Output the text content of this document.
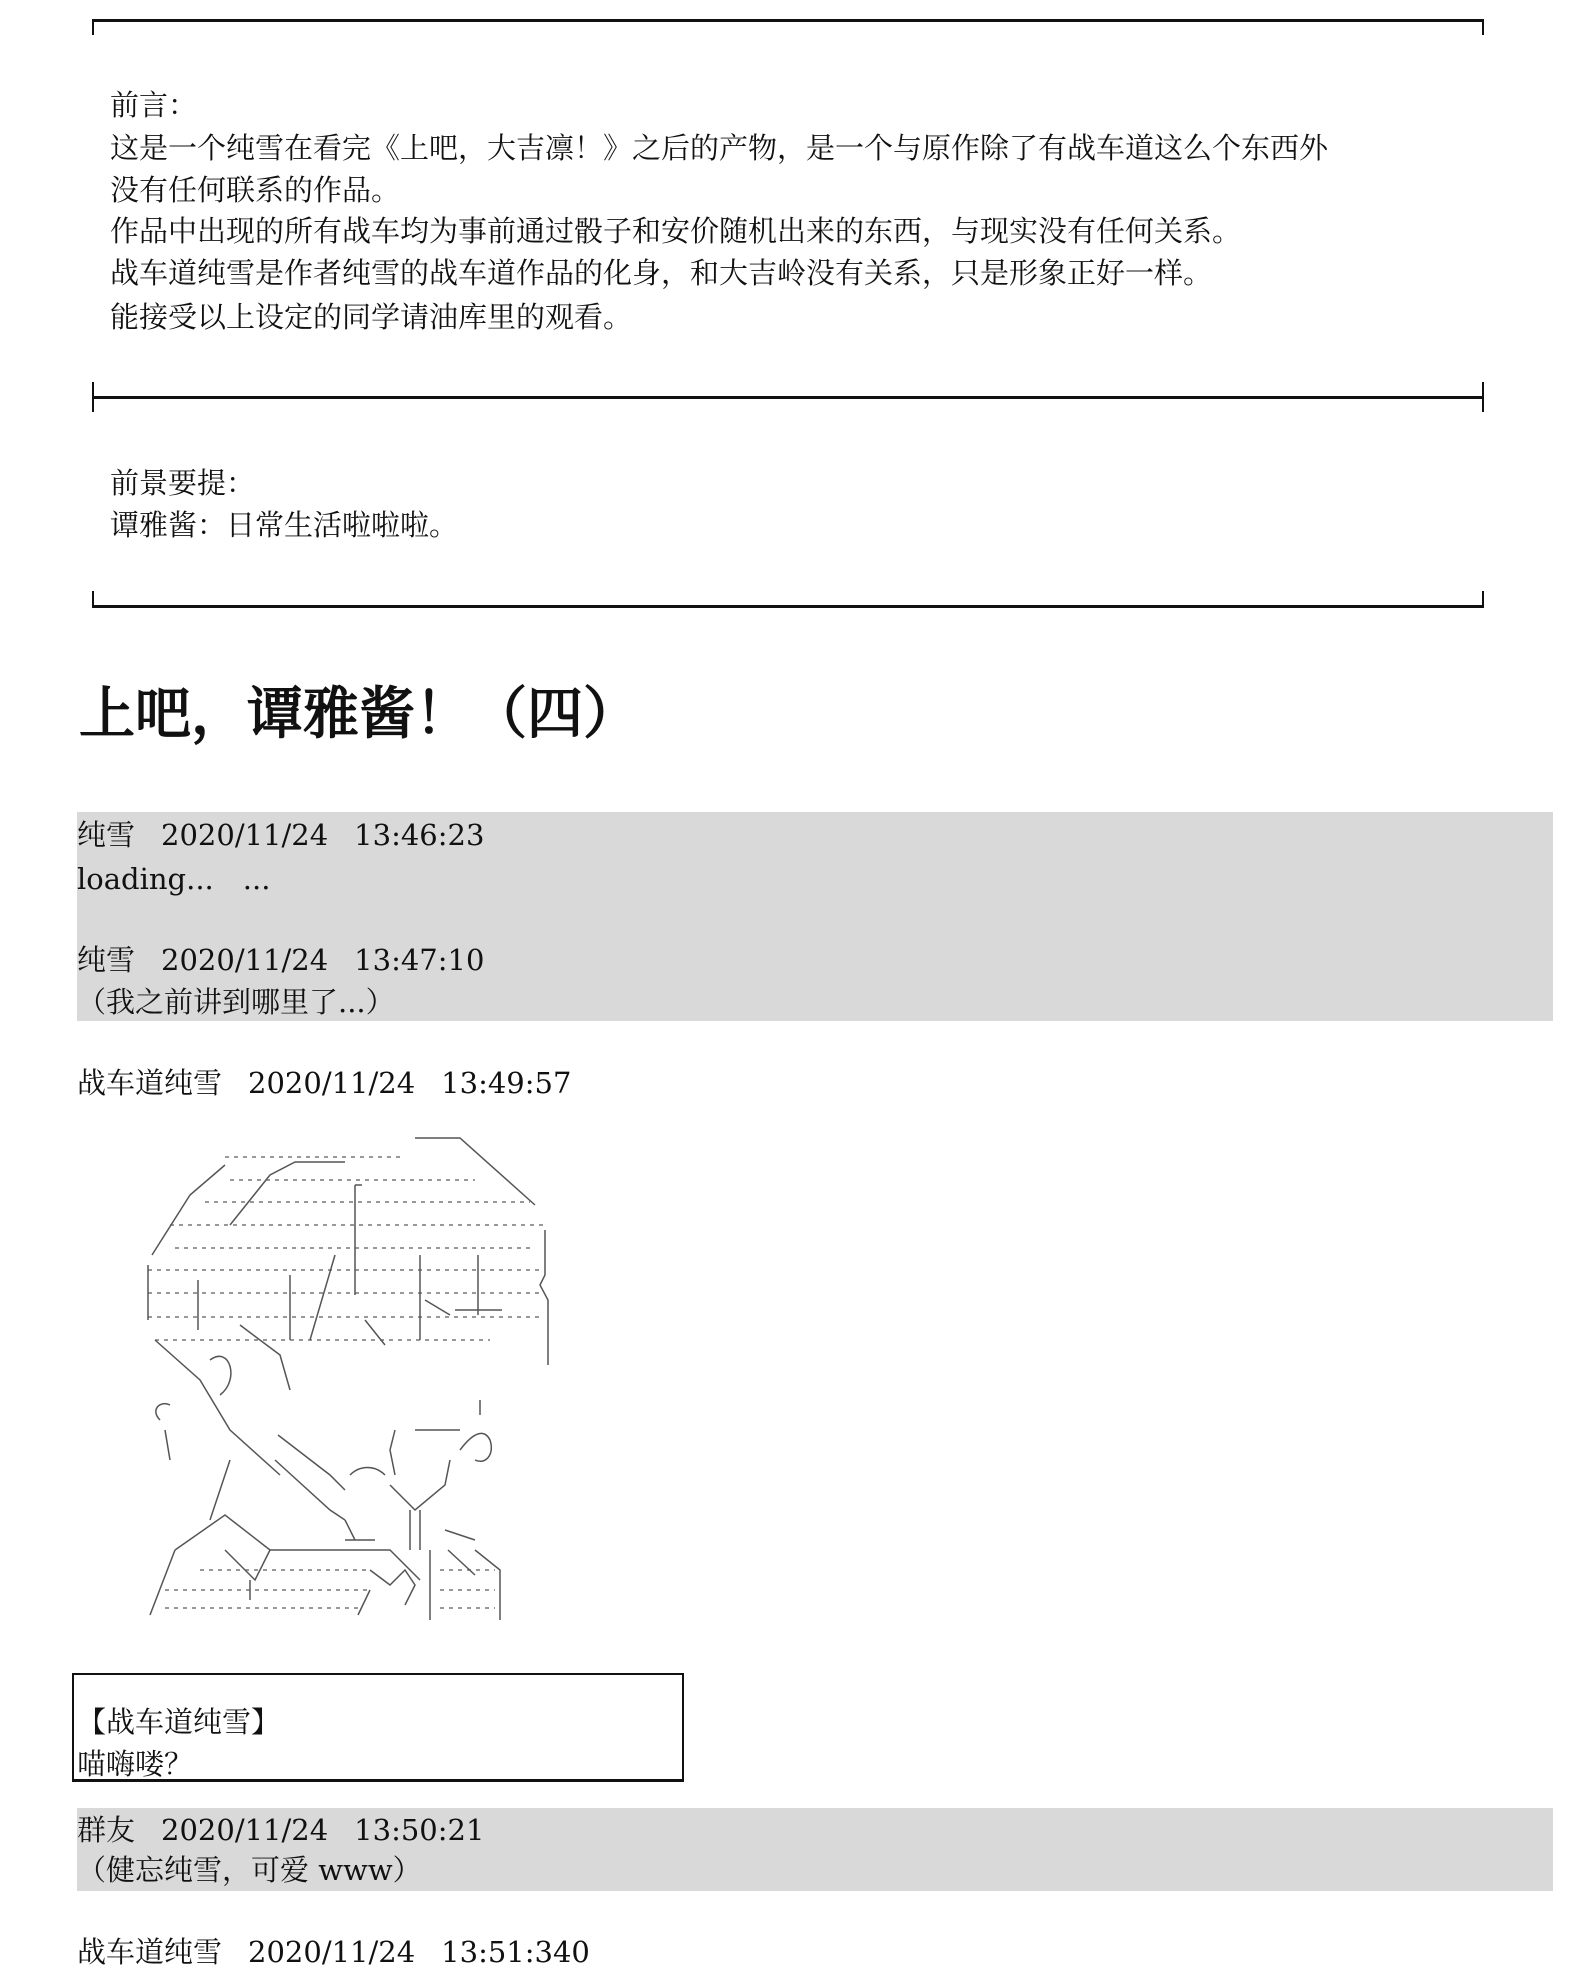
前言：
这是一个纯雪在看完《上吧，大吉凛！》之后的产物，是一个与原作除了有战车道这么个东西外
没有任何联系的作品。
作品中出现的所有战车均为事前通过骰子和安价随机出来的东西，与现实没有任何关系。
战车道纯雪是作者纯雪的战车道作品的化身，和大吉岭没有关系，只是形象正好一样。
能接受以上设定的同学请油库里的观看。
前景要提：
谭雅酱：日常生活啦啦啦。
上吧，谭雅酱！（四）
纯雪 2020/11/24 13:46:23
loading...　...
纯雪 2020/11/24 13:47:10
（我之前讲到哪里了...）
战车道纯雪 2020/11/24 13:49:57
【战车道纯雪】
喵嗨喽？
群友 2020/11/24 13:50:21
（健忘纯雪，可爱 www）
战车道纯雪 2020/11/24 13:51:340
